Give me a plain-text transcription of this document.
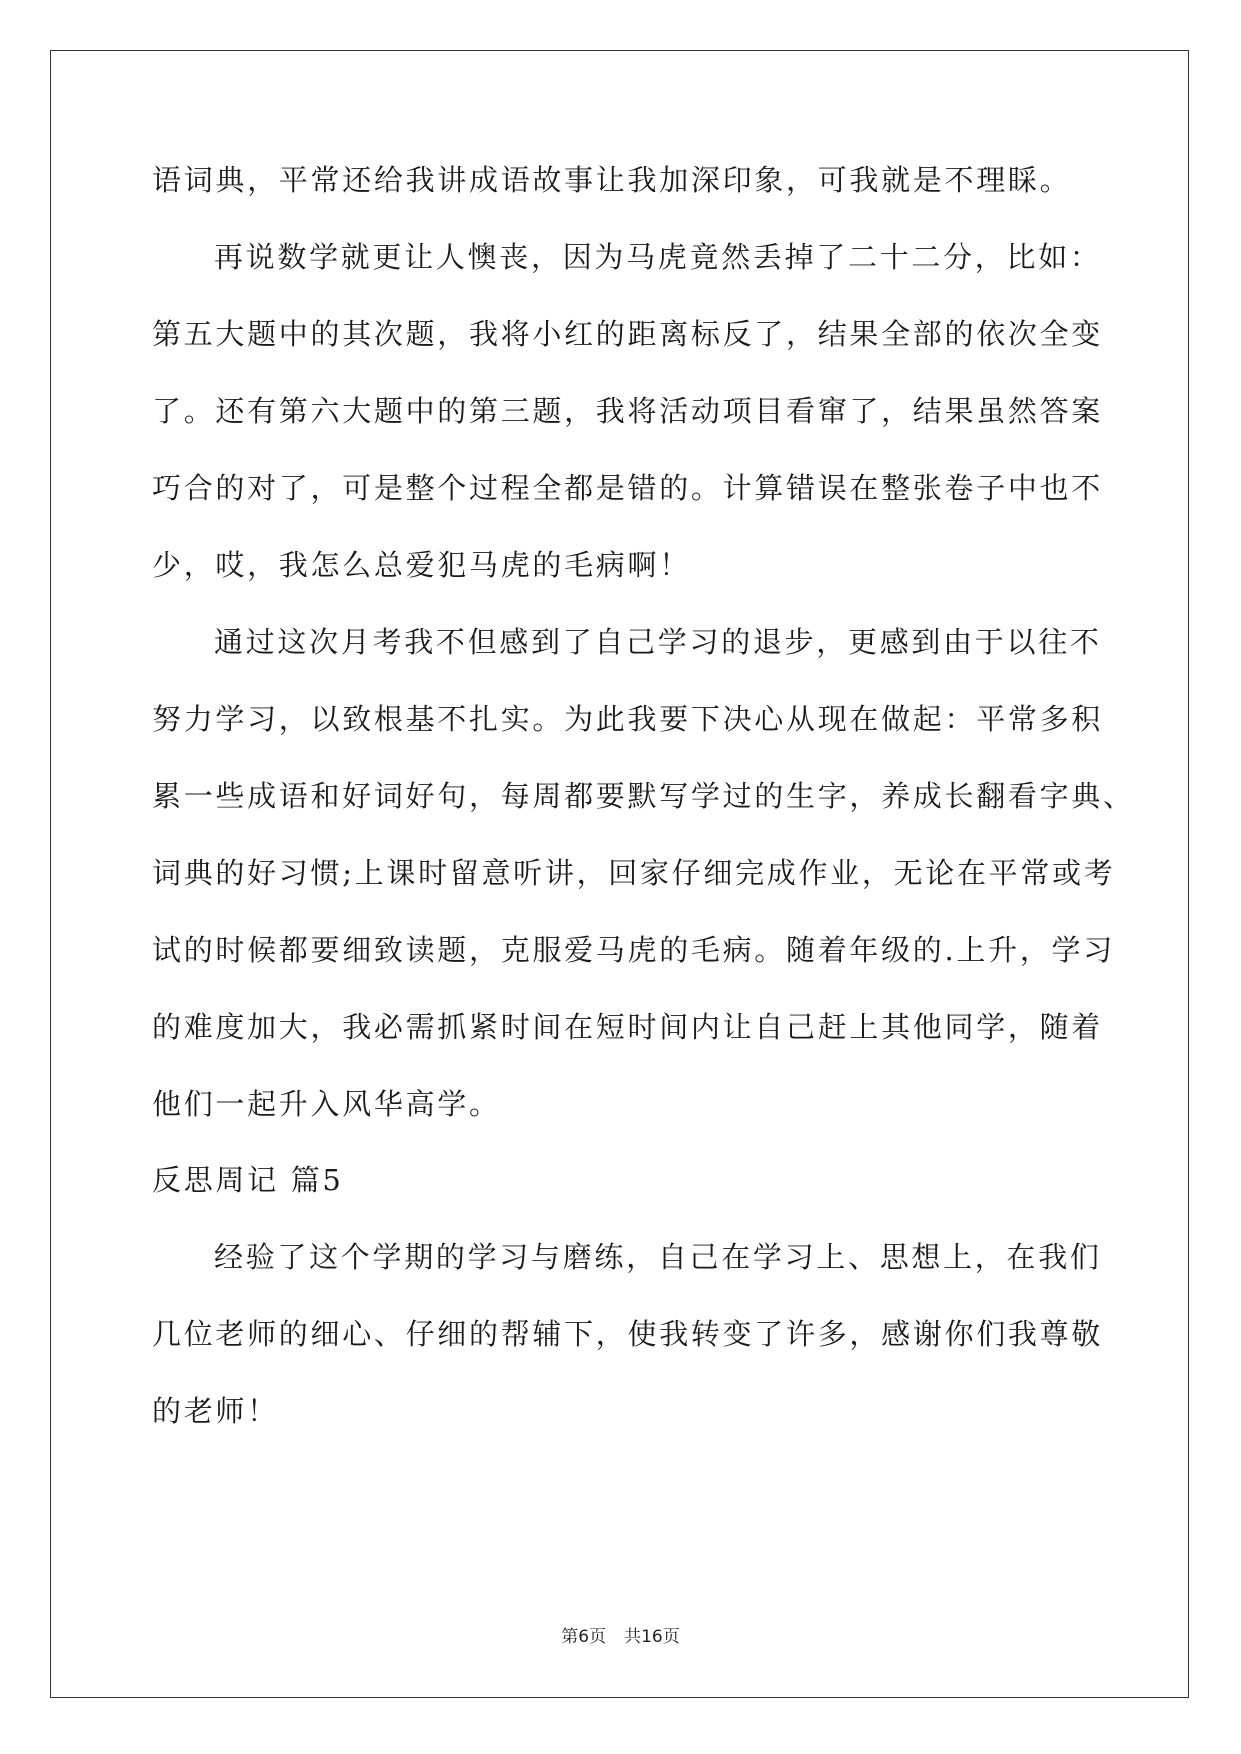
语词典，平常还给我讲成语故事让我加深印象，可我就是不理睬。
再说数学就更让人懊丧，因为马虎竟然丢掉了二十二分，比如：
第五大题中的其次题，我将小红的距离标反了，结果全部的依次全变
了。还有第六大题中的第三题，我将活动项目看窜了，结果虽然答案
巧合的对了，可是整个过程全都是错的。计算错误在整张卷子中也不
少，哎，我怎么总爱犯马虎的毛病啊！
通过这次月考我不但感到了自己学习的退步，更感到由于以往不
努力学习，以致根基不扎实。为此我要下决心从现在做起：平常多积
累一些成语和好词好句，每周都要默写学过的生字，养成长翻看字典、
词典的好习惯;上课时留意听讲，回家仔细完成作业，无论在平常或考
试的时候都要细致读题，克服爱马虎的毛病。随着年级的.上升，学习
的难度加大，我必需抓紧时间在短时间内让自己赶上其他同学，随着
他们一起升入风华高学。
反思周记 篇5
经验了这个学期的学习与磨练，自己在学习上、思想上，在我们
几位老师的细心、仔细的帮辅下，使我转变了许多，感谢你们我尊敬
的老师！
第6页 共16页
